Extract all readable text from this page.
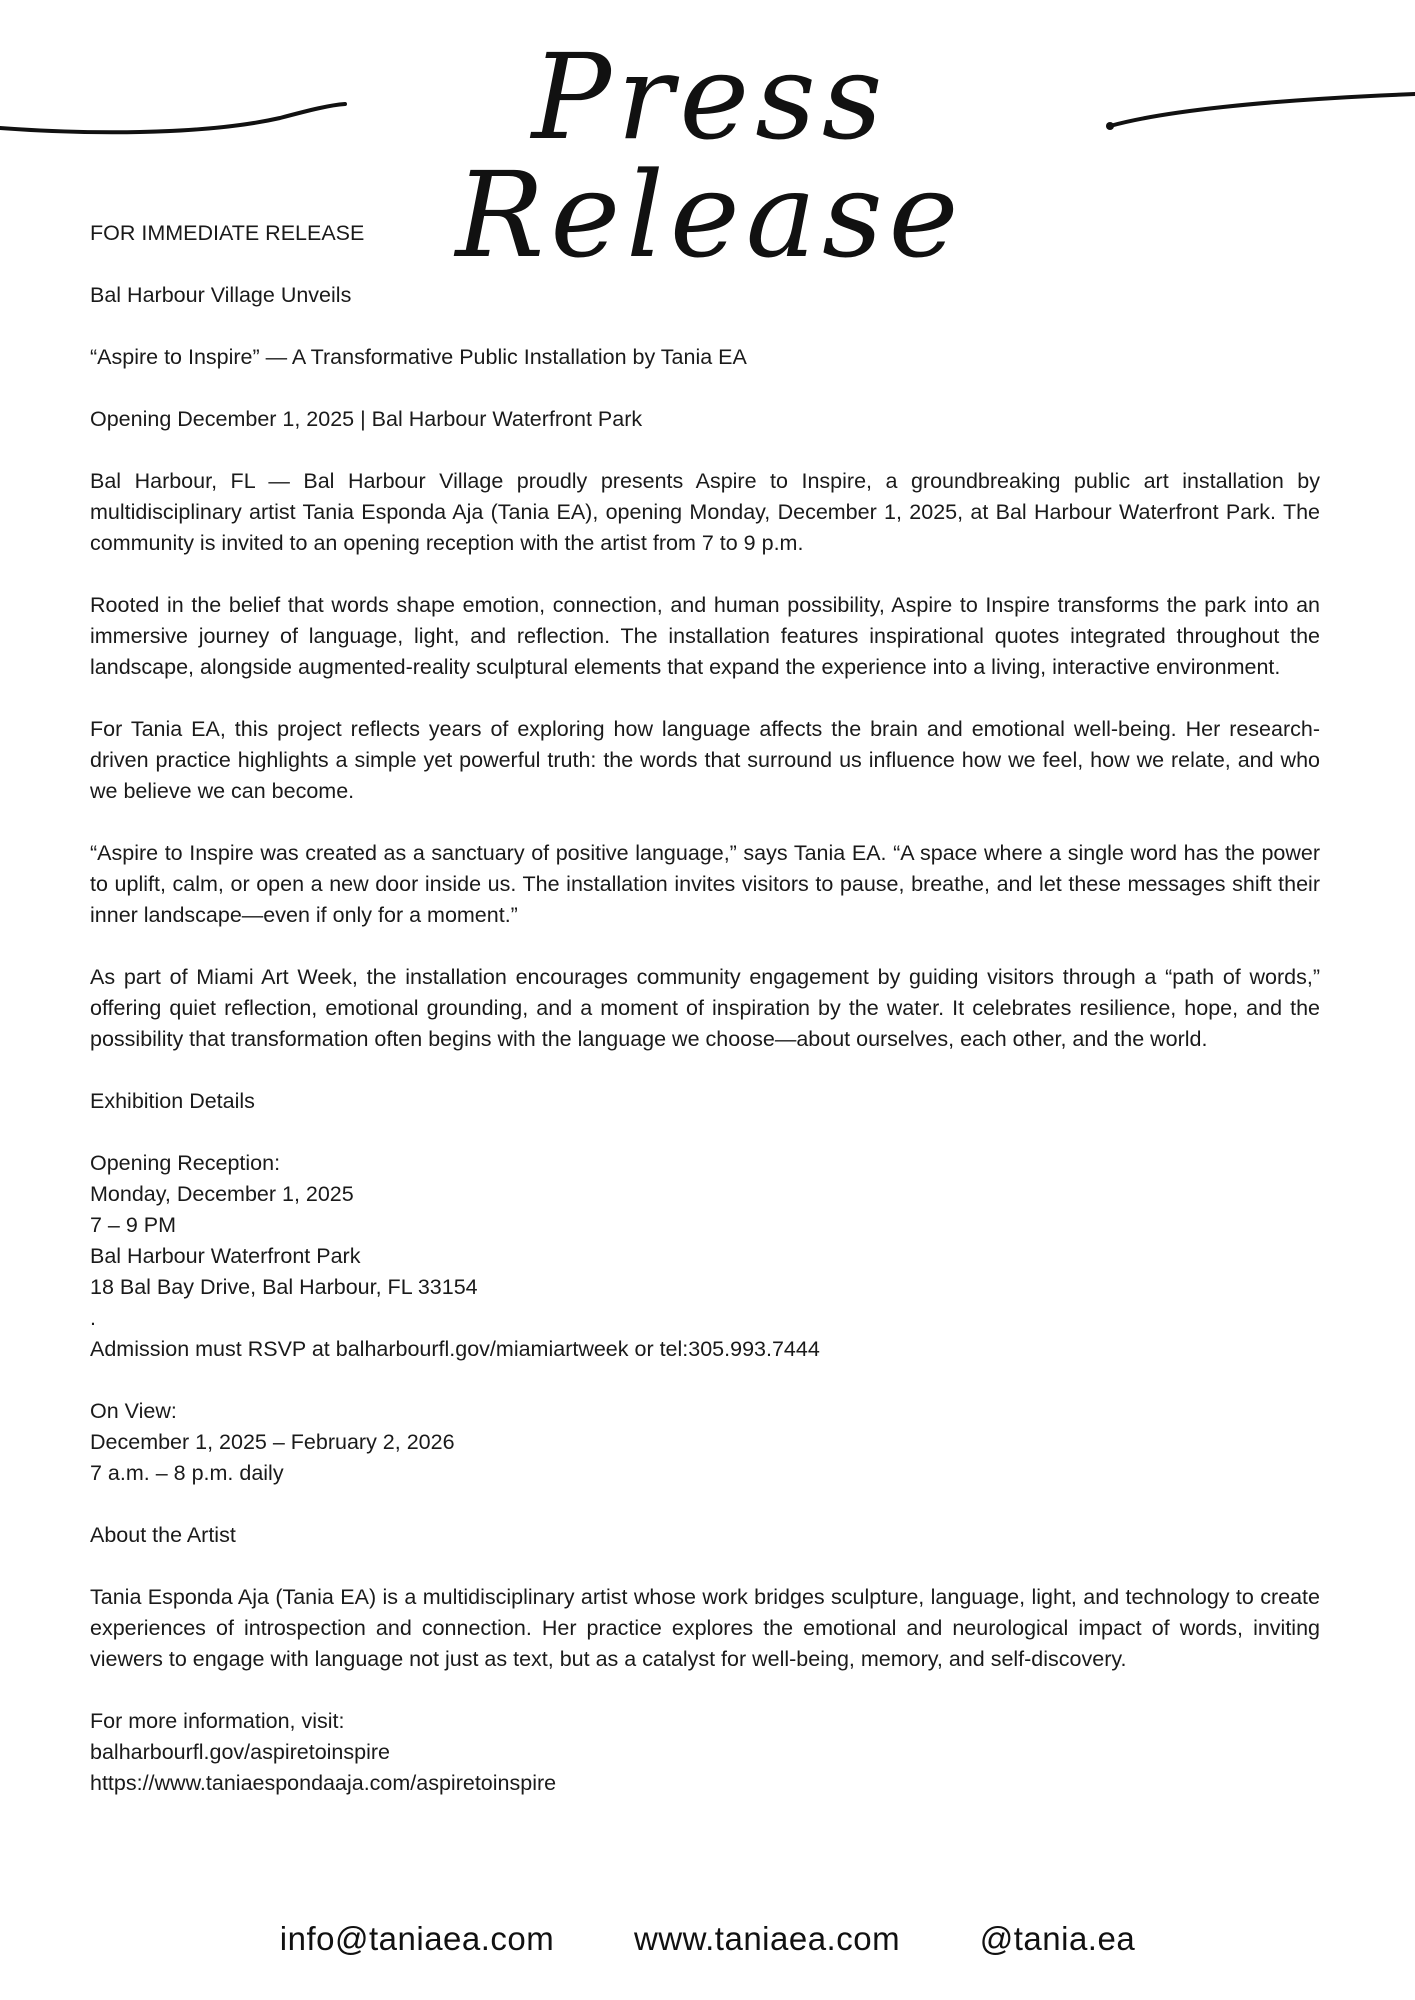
Press Release

FOR IMMEDIATE RELEASE

Bal Harbour Village Unveils

“Aspire to Inspire” — A Transformative Public Installation by Tania EA

Opening December 1, 2025 | Bal Harbour Waterfront Park

Bal Harbour, FL — Bal Harbour Village proudly presents Aspire to Inspire, a groundbreaking public art installation by multidisciplinary artist Tania Esponda Aja (Tania EA), opening Monday, December 1, 2025, at Bal Harbour Waterfront Park. The community is invited to an opening reception with the artist from 7 to 9 p.m.

Rooted in the belief that words shape emotion, connection, and human possibility, Aspire to Inspire transforms the park into an immersive journey of language, light, and reflection. The installation features inspirational quotes integrated throughout the landscape, alongside augmented-reality sculptural elements that expand the experience into a living, interactive environment.

For Tania EA, this project reflects years of exploring how language affects the brain and emotional well-being. Her research-driven practice highlights a simple yet powerful truth: the words that surround us influence how we feel, how we relate, and who we believe we can become.

“Aspire to Inspire was created as a sanctuary of positive language,” says Tania EA. “A space where a single word has the power to uplift, calm, or open a new door inside us. The installation invites visitors to pause, breathe, and let these messages shift their inner landscape—even if only for a moment.”

As part of Miami Art Week, the installation encourages community engagement by guiding visitors through a “path of words,” offering quiet reflection, emotional grounding, and a moment of inspiration by the water. It celebrates resilience, hope, and the possibility that transformation often begins with the language we choose—about ourselves, each other, and the world.

Exhibition Details

Opening Reception:

Monday, December 1, 2025

7 – 9 PM

Bal Harbour Waterfront Park

18 Bal Bay Drive, Bal Harbour, FL 33154

.

Admission must RSVP at balharbourfl.gov/miamiartweek or tel:305.993.7444

On View:

December 1, 2025 – February 2, 2026

7 a.m. – 8 p.m. daily

About the Artist

Tania Esponda Aja (Tania EA) is a multidisciplinary artist whose work bridges sculpture, language, light, and technology to create experiences of introspection and connection. Her practice explores the emotional and neurological impact of words, inviting viewers to engage with language not just as text, but as a catalyst for well-being, memory, and self-discovery.

For more information, visit:

balharbourfl.gov/aspiretoinspire

https://www.taniaespondaaja.com/aspiretoinspire

info@taniaea.com www.taniaea.com @tania.ea
